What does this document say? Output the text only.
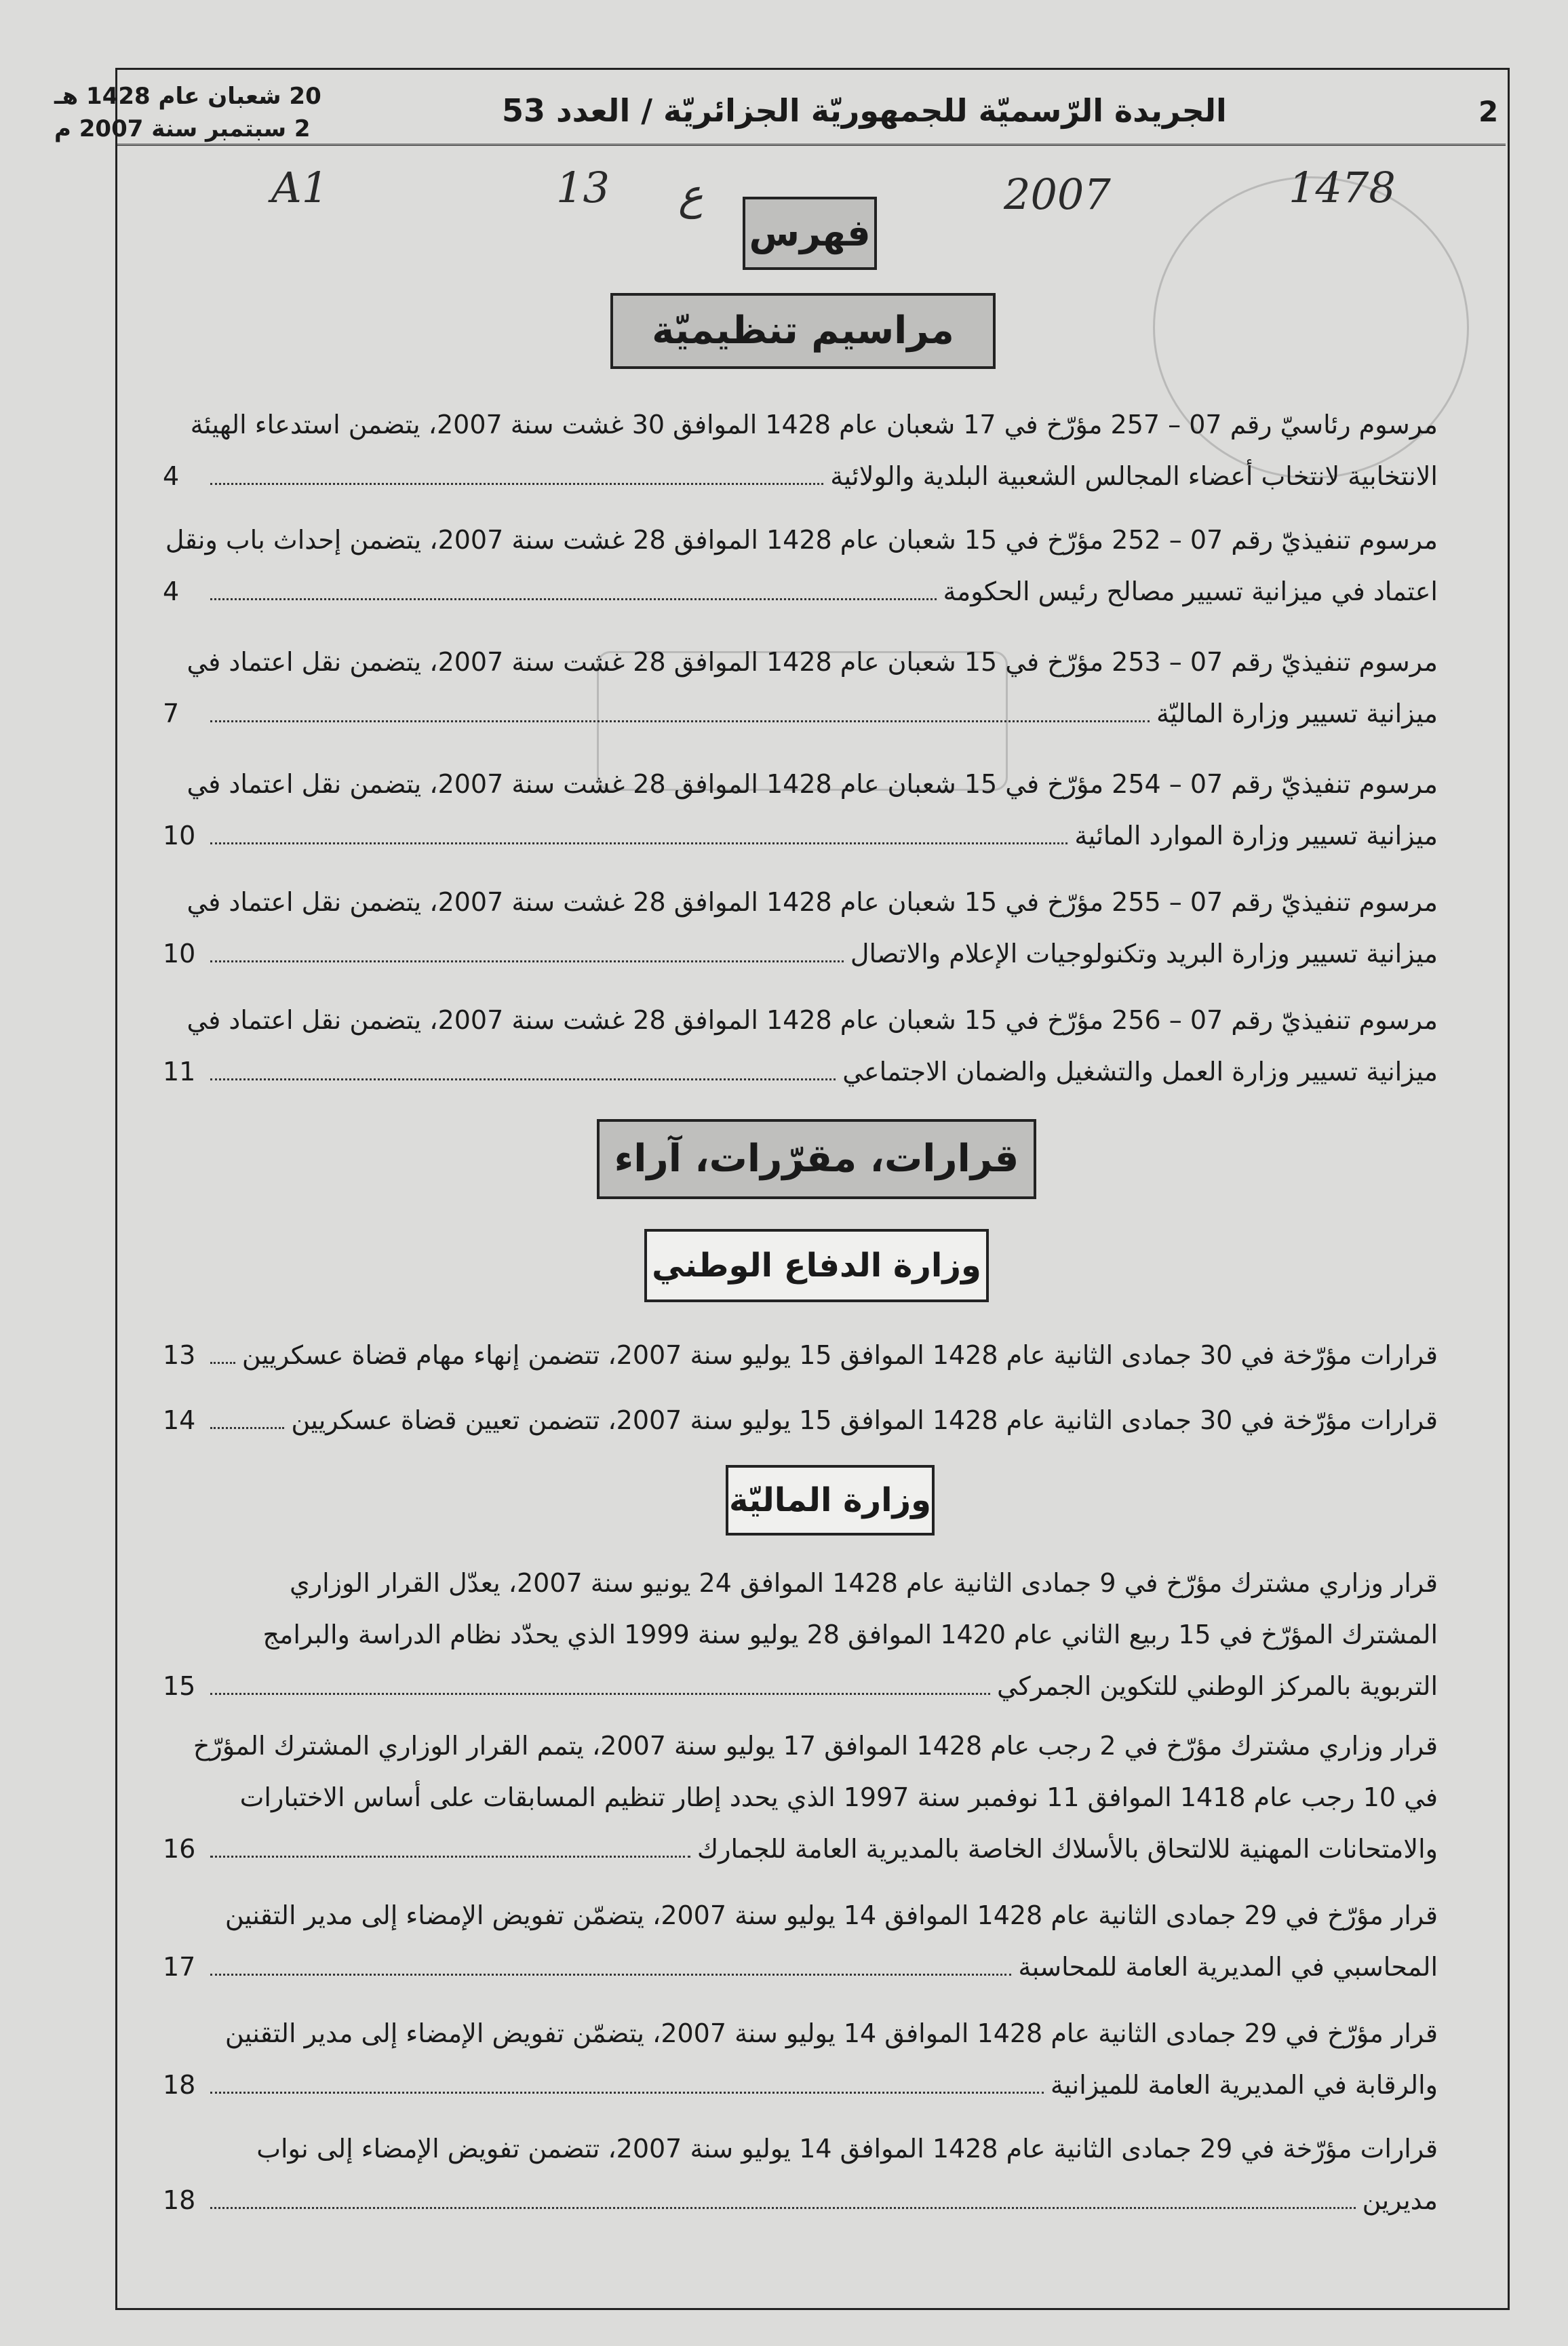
2
الجريدة الرّسميّة للجمهوريّة الجزائريّة / العدد 53
20 شعبان عام 1428 هـ
2 سبتمبر سنة 2007 م
A1	13 ع	2007	1478
فهرس
مراسيم تنظيميّة
قرارات، مقرّرات، آراء
وزارة الدفاع الوطني
وزارة الماليّة
مرسوم رئاسيّ رقم 07 – 257 مؤرّخ في 17 شعبان عام 1428 الموافق 30 غشت سنة 2007، يتضمن استدعاء الهيئة
الانتخابية لانتخاب أعضاء المجالس الشعبية البلدية والولائية
4
مرسوم تنفيذيّ رقم 07 – 252 مؤرّخ في 15 شعبان عام 1428 الموافق 28 غشت سنة 2007، يتضمن إحداث باب ونقل
اعتماد في ميزانية تسيير مصالح رئيس الحكومة
4
مرسوم تنفيذيّ رقم 07 – 253 مؤرّخ في 15 شعبان عام 1428 الموافق 28 غشت سنة 2007، يتضمن نقل اعتماد في
ميزانية تسيير وزارة الماليّة
7
مرسوم تنفيذيّ رقم 07 – 254 مؤرّخ في 15 شعبان عام 1428 الموافق 28 غشت سنة 2007، يتضمن نقل اعتماد في
ميزانية تسيير وزارة الموارد المائية
10
مرسوم تنفيذيّ رقم 07 – 255 مؤرّخ في 15 شعبان عام 1428 الموافق 28 غشت سنة 2007، يتضمن نقل اعتماد في
ميزانية تسيير وزارة البريد وتكنولوجيات الإعلام والاتصال
10
مرسوم تنفيذيّ رقم 07 – 256 مؤرّخ في 15 شعبان عام 1428 الموافق 28 غشت سنة 2007، يتضمن نقل اعتماد في
ميزانية تسيير وزارة العمل والتشغيل والضمان الاجتماعي
11
قرارات مؤرّخة في 30 جمادى الثانية عام 1428 الموافق 15 يوليو سنة 2007، تتضمن إنهاء مهام قضاة عسكريين
13
قرارات مؤرّخة في 30 جمادى الثانية عام 1428 الموافق 15 يوليو سنة 2007، تتضمن تعيين قضاة عسكريين
14
قرار وزاري مشترك مؤرّخ في 9 جمادى الثانية عام 1428 الموافق 24 يونيو سنة 2007، يعدّل القرار الوزاري
المشترك المؤرّخ في 15 ربيع الثاني عام 1420 الموافق 28 يوليو سنة 1999 الذي يحدّد نظام الدراسة والبرامج
التربوية بالمركز الوطني للتكوين الجمركي
15
قرار وزاري مشترك مؤرّخ في 2 رجب عام 1428 الموافق 17 يوليو سنة 2007، يتمم القرار الوزاري المشترك المؤرّخ
في 10 رجب عام 1418 الموافق 11 نوفمبر سنة 1997 الذي يحدد إطار تنظيم المسابقات على أساس الاختبارات
والامتحانات المهنية للالتحاق بالأسلاك الخاصة بالمديرية العامة للجمارك
16
قرار مؤرّخ في 29 جمادى الثانية عام 1428 الموافق 14 يوليو سنة 2007، يتضمّن تفويض الإمضاء إلى مدير التقنين
المحاسبي في المديرية العامة للمحاسبة
17
قرار مؤرّخ في 29 جمادى الثانية عام 1428 الموافق 14 يوليو سنة 2007، يتضمّن تفويض الإمضاء إلى مدير التقنين
والرقابة في المديرية العامة للميزانية
18
قرارات مؤرّخة في 29 جمادى الثانية عام 1428 الموافق 14 يوليو سنة 2007، تتضمن تفويض الإمضاء إلى نواب
مديرين
18
